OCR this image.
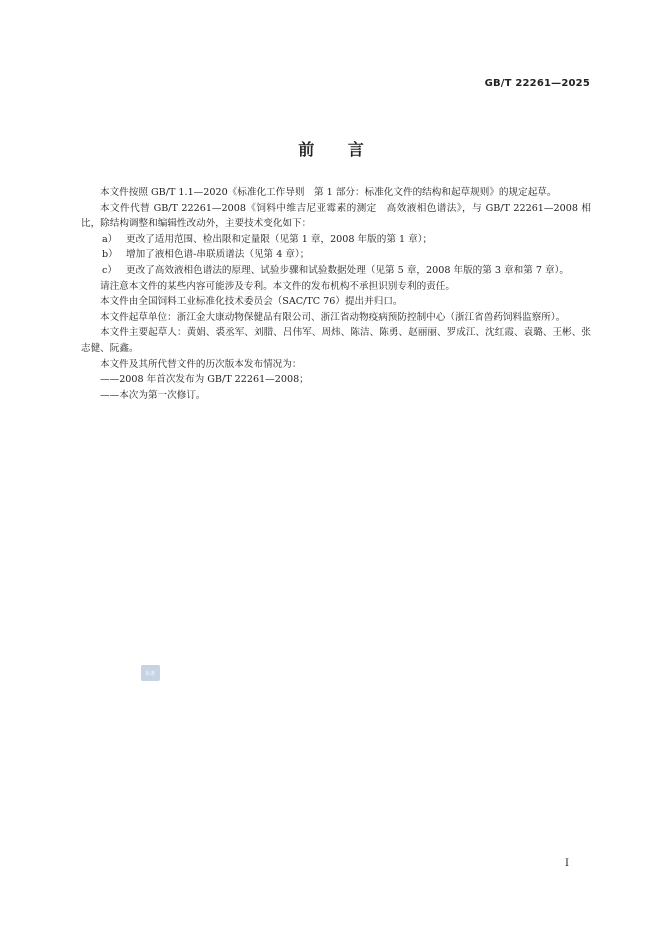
GB/T 22261—2025
前 言

本文件按照 GB/T 1.1—2020《标准化工作导则　第 1 部分：标准化文件的结构和起草规则》的规定起草。

本文件代替 GB/T 22261—2008《饲料中维吉尼亚霉素的测定　高效液相色谱法》，与 GB/T 22261—2008 相比，除结构调整和编辑性改动外，主要技术变化如下：

a） 更改了适用范围、检出限和定量限（见第 1 章，2008 年版的第 1 章）；
b） 增加了液相色谱-串联质谱法（见第 4 章）；
c） 更改了高效液相色谱法的原理、试验步骤和试验数据处理（见第 5 章，2008 年版的第 3 章和第 7 章）。

请注意本文件的某些内容可能涉及专利。本文件的发布机构不承担识别专利的责任。

本文件由全国饲料工业标准化技术委员会（SAC/TC 76）提出并归口。

本文件起草单位：浙江金大康动物保健品有限公司、浙江省动物疫病预防控制中心（浙江省兽药饲料监察所）。

本文件主要起草人：黄娟、裘丞军、刘腊、吕伟军、周炜、陈洁、陈勇、赵丽丽、罗成江、沈红霞、袁璐、王彬、张志健、阮鑫。

本文件及其所代替文件的历次版本发布情况为：

——2008 年首次发布为 GB/T 22261—2008；

——本次为第一次修订。

标准
I
